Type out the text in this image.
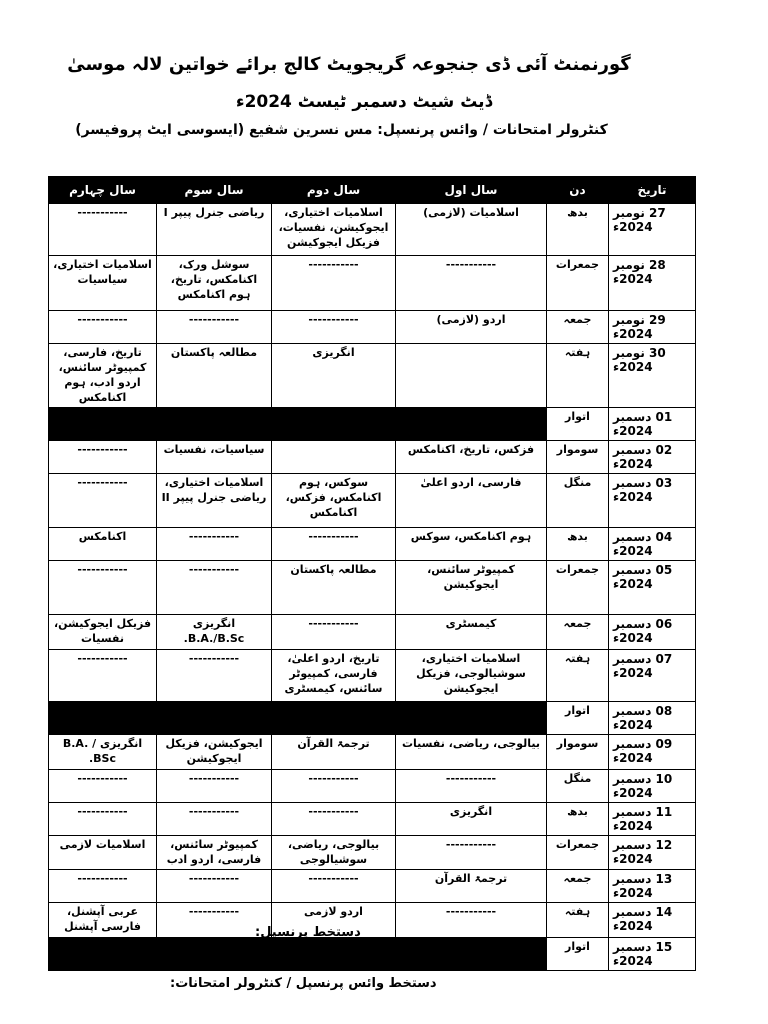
گورنمنٹ آئی ڈی جنجوعہ گریجویٹ کالج برائے خواتین لالہ موسیٰ
ڈیٹ شیٹ دسمبر ٹیسٹ 2024ء
کنٹرولر امتحانات / وائس پرنسپل: مس نسرین شفیع (ایسوسی ایٹ پروفیسر)
سال چہارم	سال سوم	سال دوم	سال اول	دن	تاریخ
-----------	ریاضی جنرل پیپر I	اسلامیات اختیاری، ایجوکیشن، نفسیات، فزیکل ایجوکیشن	اسلامیات (لازمی)	بدھ	27 نومبر 2024ء
اسلامیات اختیاری، سیاسیات	سوشل ورک، اکنامکس، تاریخ، ہوم اکنامکس	-----------	-----------	جمعرات	28 نومبر 2024ء
-----------	-----------	-----------	اردو (لازمی)	جمعہ	29 نومبر 2024ء
تاریخ، فارسی، کمپیوٹر سائنس، اردو ادب، ہوم اکنامکس	مطالعہ پاکستان	انگریزی		ہفتہ	30 نومبر 2024ء
				اتوار	01 دسمبر 2024ء
-----------	سیاسیات، نفسیات		فزکس، تاریخ، اکنامکس	سوموار	02 دسمبر 2024ء
-----------	اسلامیات اختیاری، ریاضی جنرل پیپر II	سوکس، ہوم اکنامکس، فزکس، اکنامکس	فارسی، اردو اعلیٰ	منگل	03 دسمبر 2024ء
اکنامکس	-----------	-----------	ہوم اکنامکس، سوکس	بدھ	04 دسمبر 2024ء
-----------	-----------	مطالعہ پاکستان	کمپیوٹر سائنس، ایجوکیشن	جمعرات	05 دسمبر 2024ء
فزیکل ایجوکیشن، نفسیات	انگریزی B.A./B.Sc.	-----------	کیمسٹری	جمعہ	06 دسمبر 2024ء
-----------	-----------	تاریخ، اردو اعلیٰ، فارسی، کمپیوٹر سائنس، کیمسٹری	اسلامیات اختیاری، سوشیالوجی، فزیکل ایجوکیشن	ہفتہ	07 دسمبر 2024ء
				اتوار	08 دسمبر 2024ء
انگریزی B.A. / BSc.	ایجوکیشن، فزیکل ایجوکیشن	ترجمۃ القرآن	بیالوجی، ریاضی، نفسیات	سوموار	09 دسمبر 2024ء
-----------	-----------	-----------	-----------	منگل	10 دسمبر 2024ء
-----------	-----------	-----------	انگریزی	بدھ	11 دسمبر 2024ء
اسلامیات لازمی	کمپیوٹر سائنس، فارسی، اردو ادب	بیالوجی، ریاضی، سوشیالوجی	-----------	جمعرات	12 دسمبر 2024ء
-----------	-----------	-----------	ترجمۃ القرآن	جمعہ	13 دسمبر 2024ء
عربی آپشنل، فارسی آپشنل	-----------	اردو لازمی	-----------	ہفتہ	14 دسمبر 2024ء
				اتوار	15 دسمبر 2024ء
دستخط پرنسپل:
دستخط وائس پرنسپل / کنٹرولر امتحانات:
